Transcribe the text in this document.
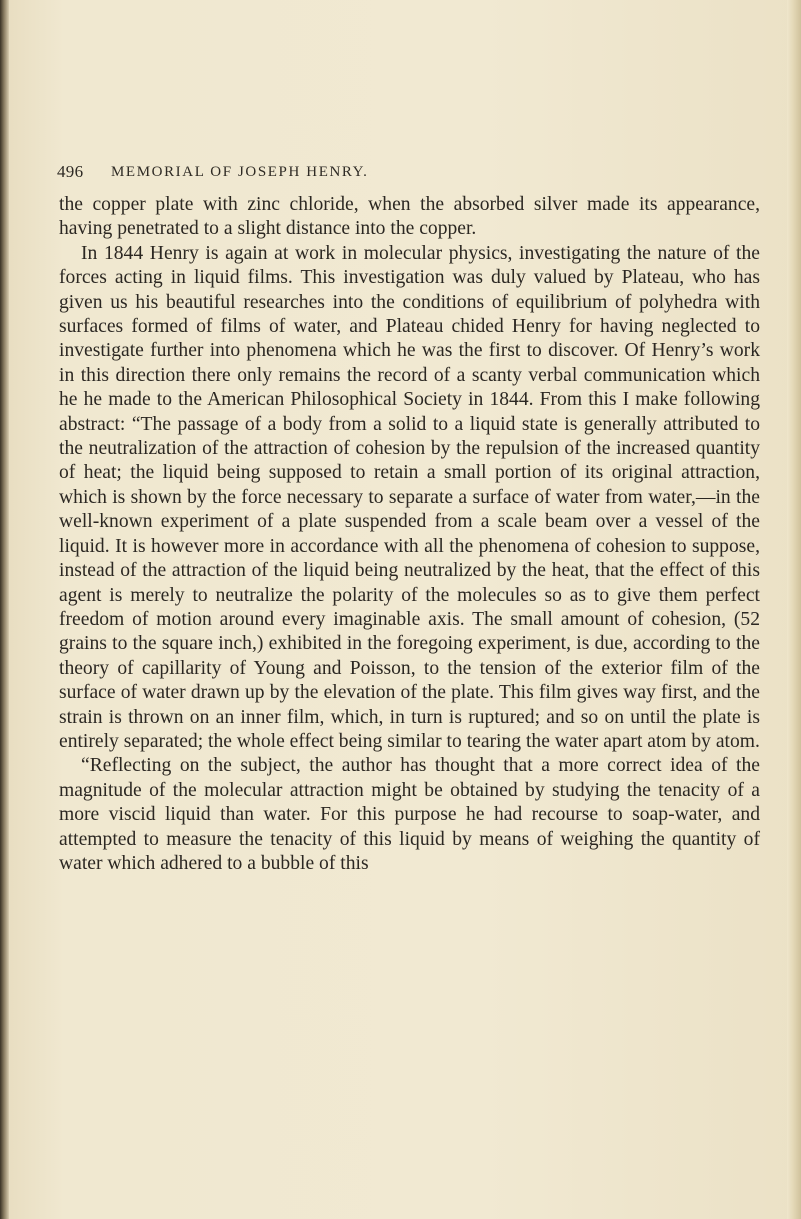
496 MEMORIAL OF JOSEPH HENRY.

the copper plate with zinc chloride, when the absorbed silver made its appearance, having penetrated to a slight distance into the copper.

In 1844 Henry is again at work in molecular physics, investigating the nature of the forces acting in liquid films. This investigation was duly valued by Plateau, who has given us his beautiful researches into the conditions of equilibrium of polyhedra with surfaces formed of films of water, and Plateau chided Henry for having neglected to investigate further into phenomena which he was the first to discover. Of Henry’s work in this direction there only remains the record of a scanty verbal communication which he he made to the American Philosophical Society in 1844. From this I make following abstract: “The passage of a body from a solid to a liquid state is generally attributed to the neutralization of the attraction of cohesion by the repulsion of the increased quantity of heat; the liquid being supposed to retain a small portion of its original attraction, which is shown by the force necessary to separate a surface of water from water,—in the well-known experiment of a plate suspended from a scale beam over a vessel of the liquid. It is however more in accordance with all the phenomena of cohesion to suppose, instead of the attraction of the liquid being neutralized by the heat, that the effect of this agent is merely to neutralize the polarity of the molecules so as to give them perfect freedom of motion around every imaginable axis. The small amount of cohesion, (52 grains to the square inch,) exhibited in the foregoing experiment, is due, according to the theory of capillarity of Young and Poisson, to the tension of the exterior film of the surface of water drawn up by the elevation of the plate. This film gives way first, and the strain is thrown on an inner film, which, in turn is ruptured; and so on until the plate is entirely separated; the whole effect being similar to tearing the water apart atom by atom.

“Reflecting on the subject, the author has thought that a more correct idea of the magnitude of the molecular attraction might be obtained by studying the tenacity of a more viscid liquid than water. For this purpose he had recourse to soap-water, and attempted to measure the tenacity of this liquid by means of weighing the quantity of water which adhered to a bubble of this
